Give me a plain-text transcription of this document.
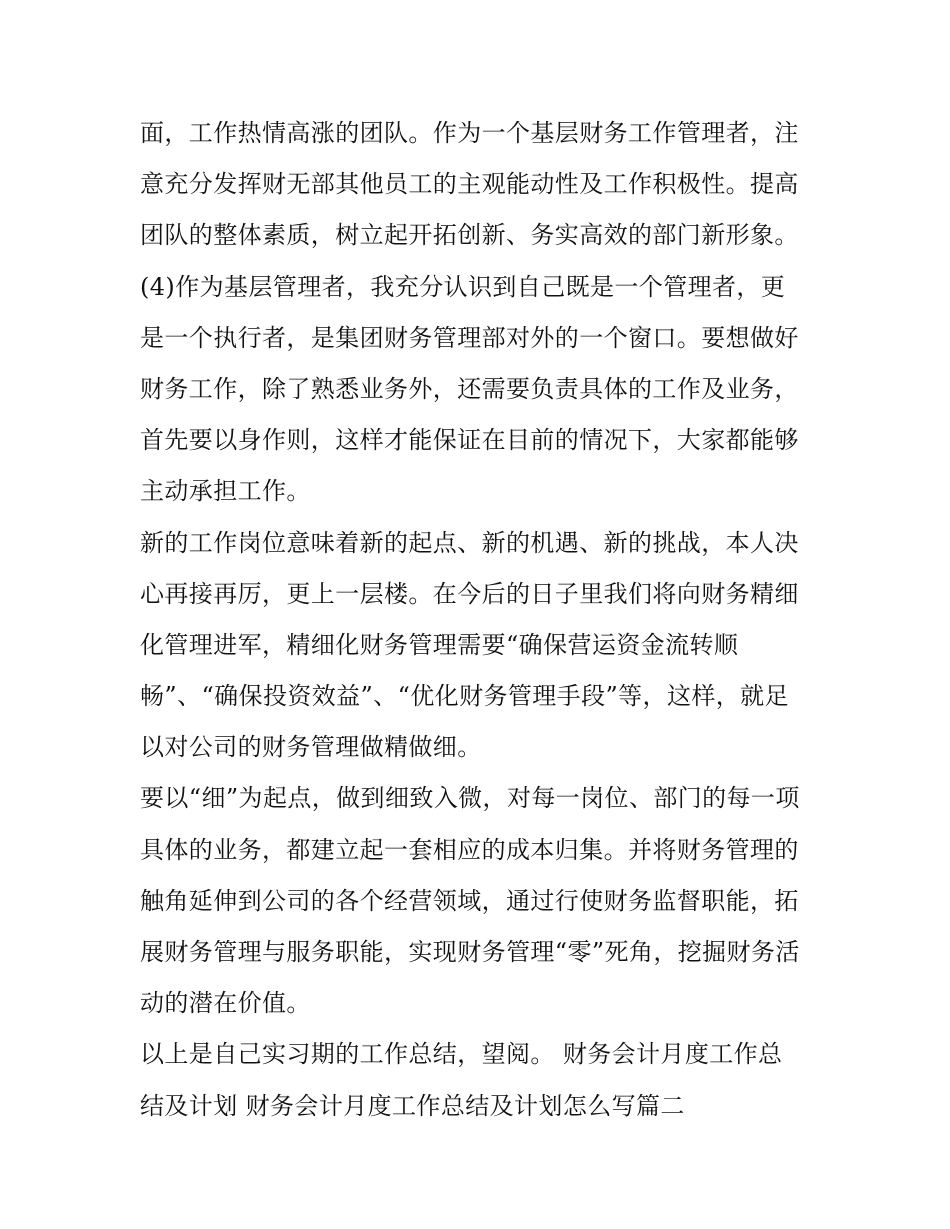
面，工作热情高涨的团队。作为一个基层财务工作管理者，注
意充分发挥财无部其他员工的主观能动性及工作积极性。提高
团队的整体素质，树立起开拓创新、务实高效的部门新形象。
(4)作为基层管理者，我充分认识到自己既是一个管理者，更
是一个执行者，是集团财务管理部对外的一个窗口。要想做好
财务工作，除了熟悉业务外，还需要负责具体的工作及业务，
首先要以身作则，这样才能保证在目前的情况下，大家都能够
主动承担工作。
新的工作岗位意味着新的起点、新的机遇、新的挑战，本人决
心再接再厉，更上一层楼。在今后的日子里我们将向财务精细
化管理进军，精细化财务管理需要“确保营运资金流转顺
畅”、“确保投资效益”、“优化财务管理手段”等，这样，就足
以对公司的财务管理做精做细。
要以“细”为起点，做到细致入微，对每一岗位、部门的每一项
具体的业务，都建立起一套相应的成本归集。并将财务管理的
触角延伸到公司的各个经营领域，通过行使财务监督职能，拓
展财务管理与服务职能，实现财务管理“零”死角，挖掘财务活
动的潜在价值。
以上是自己实习期的工作总结，望阅。 财务会计月度工作总
结及计划 财务会计月度工作总结及计划怎么写篇二
